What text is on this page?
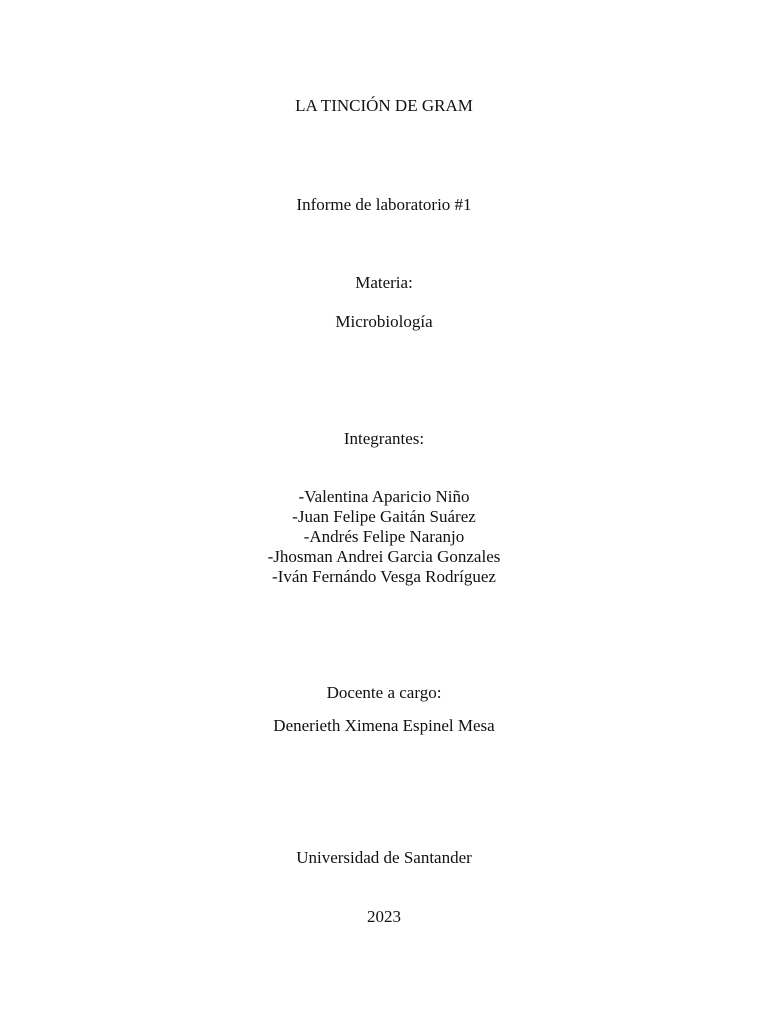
LA TINCIÓN DE GRAM
Informe de laboratorio #1
Materia:
Microbiología
Integrantes:
-Valentina Aparicio Niño
-Juan Felipe Gaitán Suárez
-Andrés Felipe Naranjo
-Jhosman Andrei Garcia Gonzales
-Iván Fernándo Vesga Rodríguez
Docente a cargo:
Denerieth Ximena Espinel Mesa
Universidad de Santander
2023
